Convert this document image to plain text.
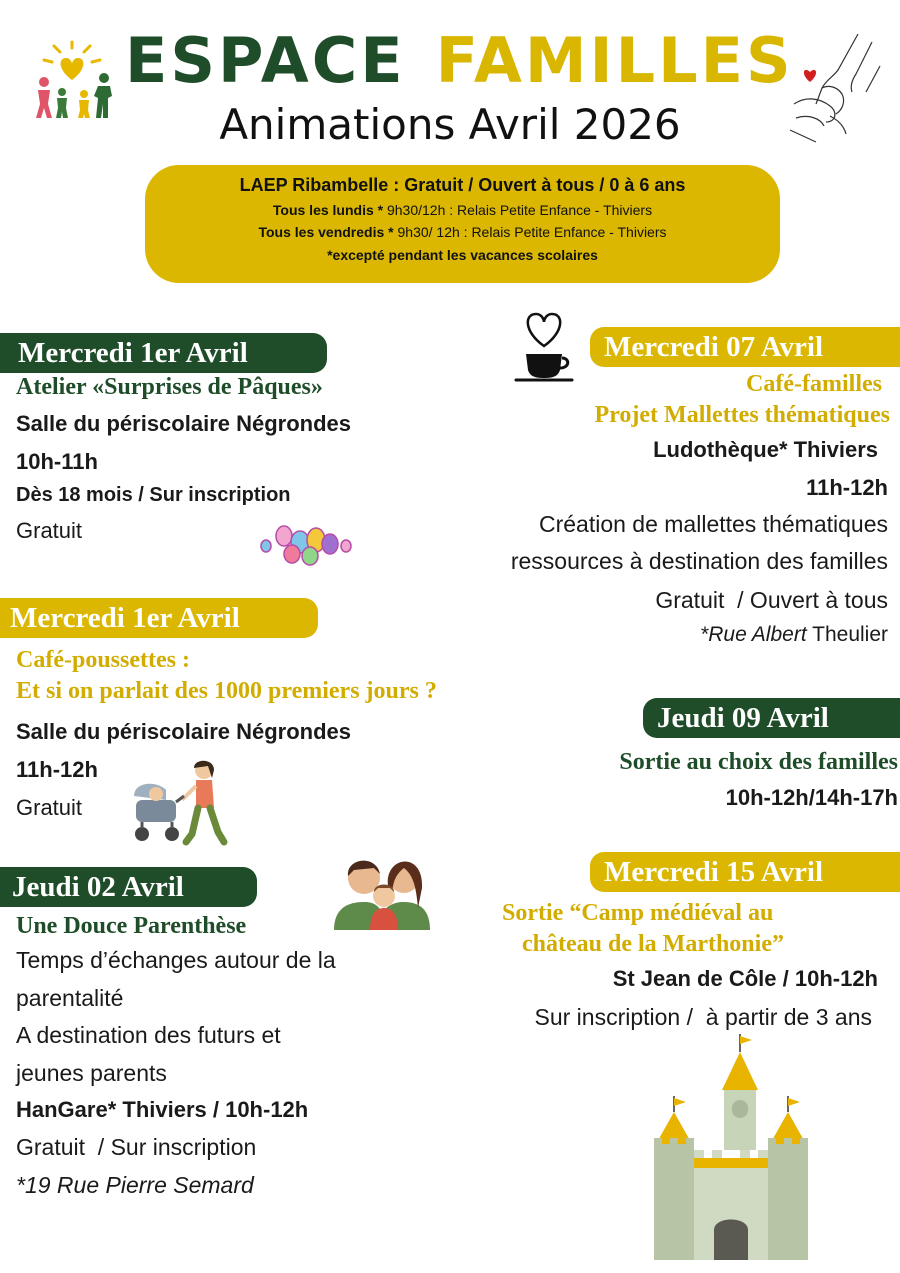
ESPACE FAMILLES
Animations Avril 2026
LAEP Ribambelle : Gratuit / Ouvert à tous / 0 à 6 ans
Tous les lundis * 9h30/12h : Relais Petite Enfance - Thiviers
Tous les vendredis * 9h30/ 12h : Relais Petite Enfance - Thiviers
*excepté pendant les vacances scolaires
Mercredi 1er Avril
Atelier «Surprises de Pâques»
Salle du périscolaire Négrondes
10h-11h
Dès 18 mois / Sur inscription
Gratuit
Mercredi 07 Avril
Café-familles
Projet Mallettes thématiques
Ludothèque* Thiviers
11h-12h
Création de mallettes thématiques
ressources à destination des familles
Gratuit  / Ouvert à tous
*Rue Albert Theulier
Mercredi 1er Avril
Café-poussettes :
Et si on parlait des 1000 premiers jours ?
Salle du périscolaire Négrondes
11h-12h
Gratuit
Jeudi 09 Avril
Sortie au choix des familles
10h-12h/14h-17h
Jeudi 02 Avril
Une Douce Parenthèse
Temps d’échanges autour de la
parentalité
A destination des futurs et
jeunes parents
HanGare* Thiviers / 10h-12h
Gratuit  / Sur inscription
*19 Rue Pierre Semard
Mercredi 15 Avril
Sortie “Camp médiéval au
château de la Marthonie”
St Jean de Côle / 10h-12h
Sur inscription /  à partir de 3 ans
